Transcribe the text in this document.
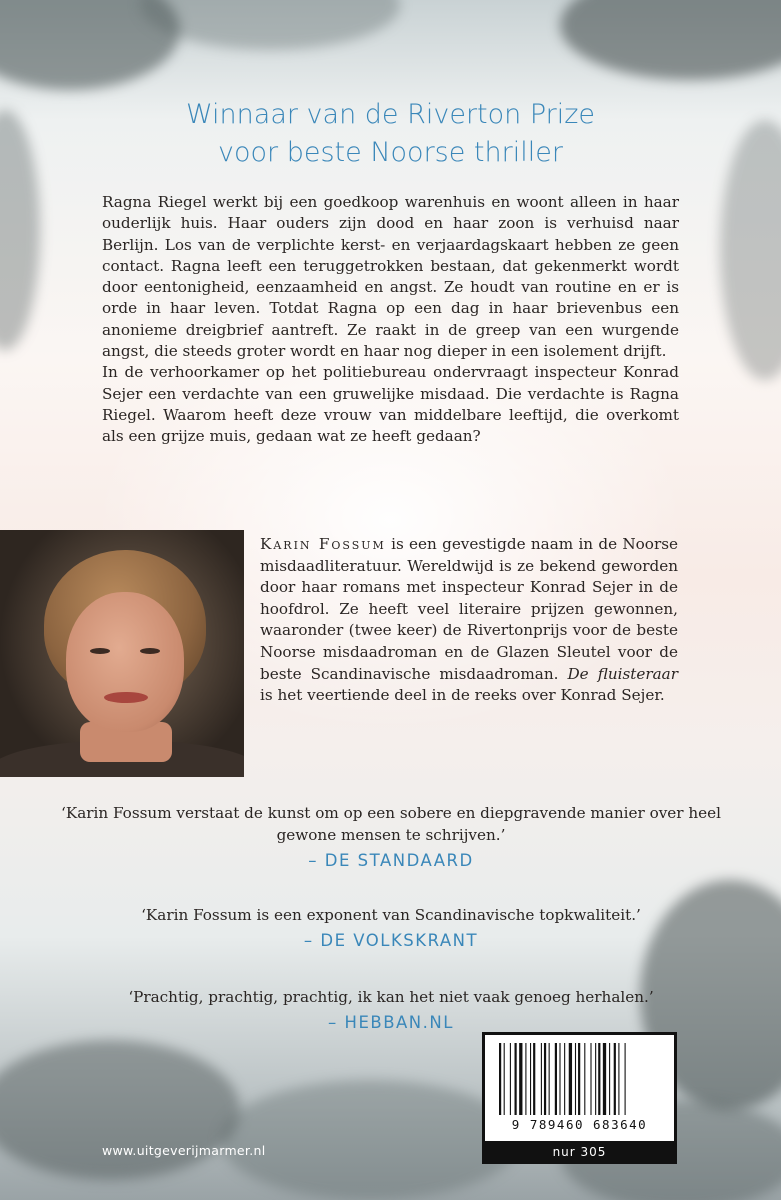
Winnaar van de Riverton Prize
voor beste Noorse thriller

Ragna Riegel werkt bij een goedkoop warenhuis en woont alleen in haar ouderlijk huis. Haar ouders zijn dood en haar zoon is verhuisd naar Berlijn. Los van de verplichte kerst- en verjaardagskaart hebben ze geen contact. Ragna leeft een teruggetrokken bestaan, dat gekenmerkt wordt door eentonigheid, eenzaamheid en angst. Ze houdt van routine en er is orde in haar leven. Totdat Ragna op een dag in haar brievenbus een anonieme dreigbrief aantreft. Ze raakt in de greep van een wurgende angst, die steeds groter wordt en haar nog dieper in een isolement drijft.

In de verhoorkamer op het politiebureau ondervraagt inspecteur Konrad Sejer een verdachte van een gruwelijke misdaad. Die verdachte is Ragna Riegel. Waarom heeft deze vrouw van middelbare leeftijd, die overkomt als een grijze muis, gedaan wat ze heeft gedaan?

Karin Fossum is een gevestigde naam in de Noorse misdaadliteratuur. Wereldwijd is ze bekend geworden door haar romans met inspecteur Konrad Sejer in de hoofdrol. Ze heeft veel literaire prijzen gewonnen, waaronder (twee keer) de Rivertonprijs voor de beste Noorse misdaadroman en de Glazen Sleutel voor de beste Scandinavische misdaadroman. De fluisteraar is het veertiende deel in de reeks over Konrad Sejer.

‘Karin Fossum verstaat de kunst om op een sobere en diepgravende manier over heel gewone mensen te schrijven.’

– DE STANDAARD

‘Karin Fossum is een exponent van Scandinavische topkwaliteit.’

– DE VOLKSKRANT

‘Prachtig, prachtig, prachtig, ik kan het niet vaak genoeg herhalen.’

– HEBBAN.NL

www.uitgeverijmarmer.nl
9 789460 683640
nur 305
